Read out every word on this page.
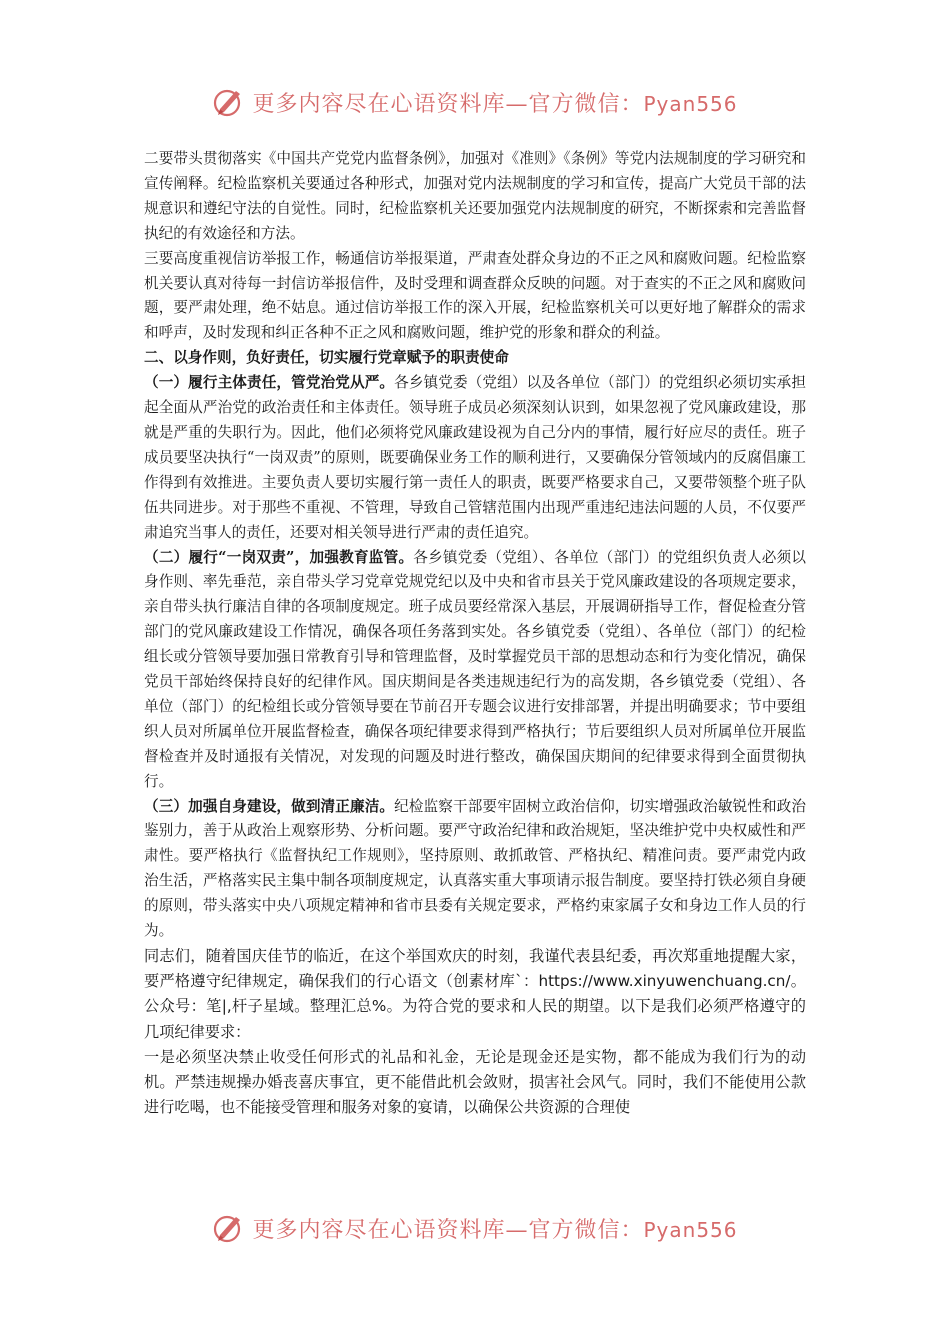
更多内容尽在心语资料库—官方微信：Pyan556

二要带头贯彻落实《中国共产党党内监督条例》，加强对《准则》《条例》等党内法规制度的学习研究和宣传阐释。纪检监察机关要通过各种形式，加强对党内法规制度的学习和宣传，提高广大党员干部的法规意识和遵纪守法的自觉性。同时，纪检监察机关还要加强党内法规制度的研究，不断探索和完善监督执纪的有效途径和方法。

三要高度重视信访举报工作，畅通信访举报渠道，严肃查处群众身边的不正之风和腐败问题。纪检监察机关要认真对待每一封信访举报信件，及时受理和调查群众反映的问题。对于查实的不正之风和腐败问题，要严肃处理，绝不姑息。通过信访举报工作的深入开展，纪检监察机关可以更好地了解群众的需求和呼声，及时发现和纠正各种不正之风和腐败问题，维护党的形象和群众的利益。

二、以身作则，负好责任，切实履行党章赋予的职责使命

（一）履行主体责任，管党治党从严。各乡镇党委（党组）以及各单位（部门）的党组织必须切实承担起全面从严治党的政治责任和主体责任。领导班子成员必须深刻认识到，如果忽视了党风廉政建设，那就是严重的失职行为。因此，他们必须将党风廉政建设视为自己分内的事情，履行好应尽的责任。班子成员要坚决执行“一岗双责”的原则，既要确保业务工作的顺利进行，又要确保分管领域内的反腐倡廉工作得到有效推进。主要负责人要切实履行第一责任人的职责，既要严格要求自己，又要带领整个班子队伍共同进步。对于那些不重视、不管理，导致自己管辖范围内出现严重违纪违法问题的人员，不仅要严肃追究当事人的责任，还要对相关领导进行严肃的责任追究。

（二）履行“一岗双责”，加强教育监管。各乡镇党委（党组）、各单位（部门）的党组织负责人必须以身作则、率先垂范，亲自带头学习党章党规党纪以及中央和省市县关于党风廉政建设的各项规定要求，亲自带头执行廉洁自律的各项制度规定。班子成员要经常深入基层，开展调研指导工作，督促检查分管部门的党风廉政建设工作情况，确保各项任务落到实处。各乡镇党委（党组）、各单位（部门）的纪检组长或分管领导要加强日常教育引导和管理监督，及时掌握党员干部的思想动态和行为变化情况，确保党员干部始终保持良好的纪律作风。国庆期间是各类违规违纪行为的高发期，各乡镇党委（党组）、各单位（部门）的纪检组长或分管领导要在节前召开专题会议进行安排部署，并提出明确要求；节中要组织人员对所属单位开展监督检查，确保各项纪律要求得到严格执行；节后要组织人员对所属单位开展监督检查并及时通报有关情况，对发现的问题及时进行整改，确保国庆期间的纪律要求得到全面贯彻执行。

（三）加强自身建设，做到清正廉洁。纪检监察干部要牢固树立政治信仰，切实增强政治敏锐性和政治鉴别力，善于从政治上观察形势、分析问题。要严守政治纪律和政治规矩，坚决维护党中央权威性和严肃性。要严格执行《监督执纪工作规则》，坚持原则、敢抓敢管、严格执纪、精准问责。要严肃党内政治生活，严格落实民主集中制各项制度规定，认真落实重大事项请示报告制度。要坚持打铁必须自身硬的原则，带头落实中央八项规定精神和省市县委有关规定要求，严格约束家属子女和身边工作人员的行为。

同志们，随着国庆佳节的临近，在这个举国欢庆的时刻，我谨代表县纪委，再次郑重地提醒大家，要严格遵守纪律规定，确保我们的行心语文（创素材库`：https://www.xinyuwenchuang.cn/。公众号：笔|,杆子星域。整理汇总%。为符合党的要求和人民的期望。以下是我们必须严格遵守的几项纪律要求：

一是必须坚决禁止收受任何形式的礼品和礼金，无论是现金还是实物，都不能成为我们行为的动机。严禁违规操办婚丧喜庆事宜，更不能借此机会敛财，损害社会风气。同时，我们不能使用公款进行吃喝，也不能接受管理和服务对象的宴请，以确保公共资源的合理使

更多内容尽在心语资料库—官方微信：Pyan556
